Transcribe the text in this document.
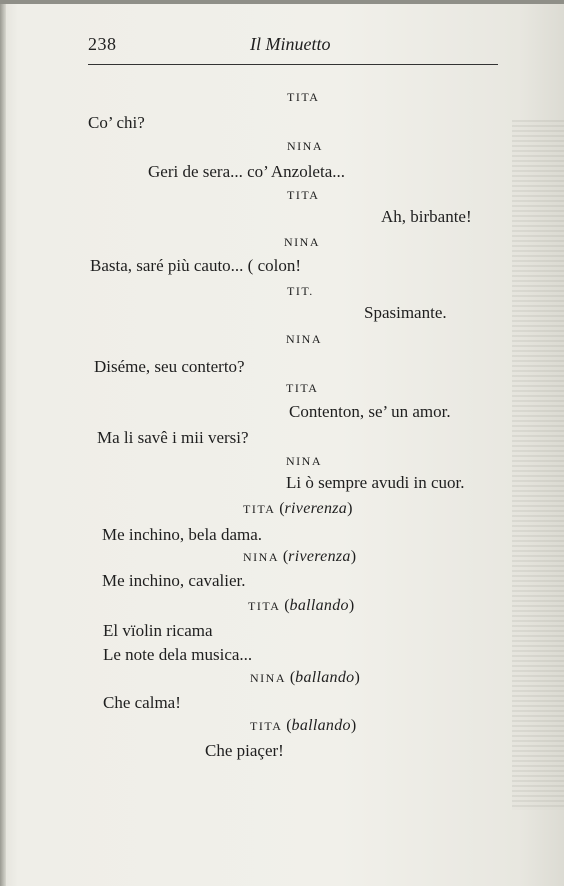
238	Il Minuetto
TITA
Co’ chi?
NINA
Geri de sera... co’ Anzoleta...
TITA
Ah, birbante!
NINA
Basta, saré più cauto... ( colon!
TIT.
Spasimante.
NINA
Diséme, seu conterto?
TITA
Contenton, se’ un amor.
Ma li savê i mii versi?
NINA
Li ò sempre avudi in cuor.
TITA (riverenza)
Me inchino, bela dama.
NINA (riverenza)
Me inchino, cavalier.
TITA (ballando)
El vïolin ricama
Le note dela musica...
NINA (ballando)
Che calma!
TITA (ballando)
Che piaçer!
